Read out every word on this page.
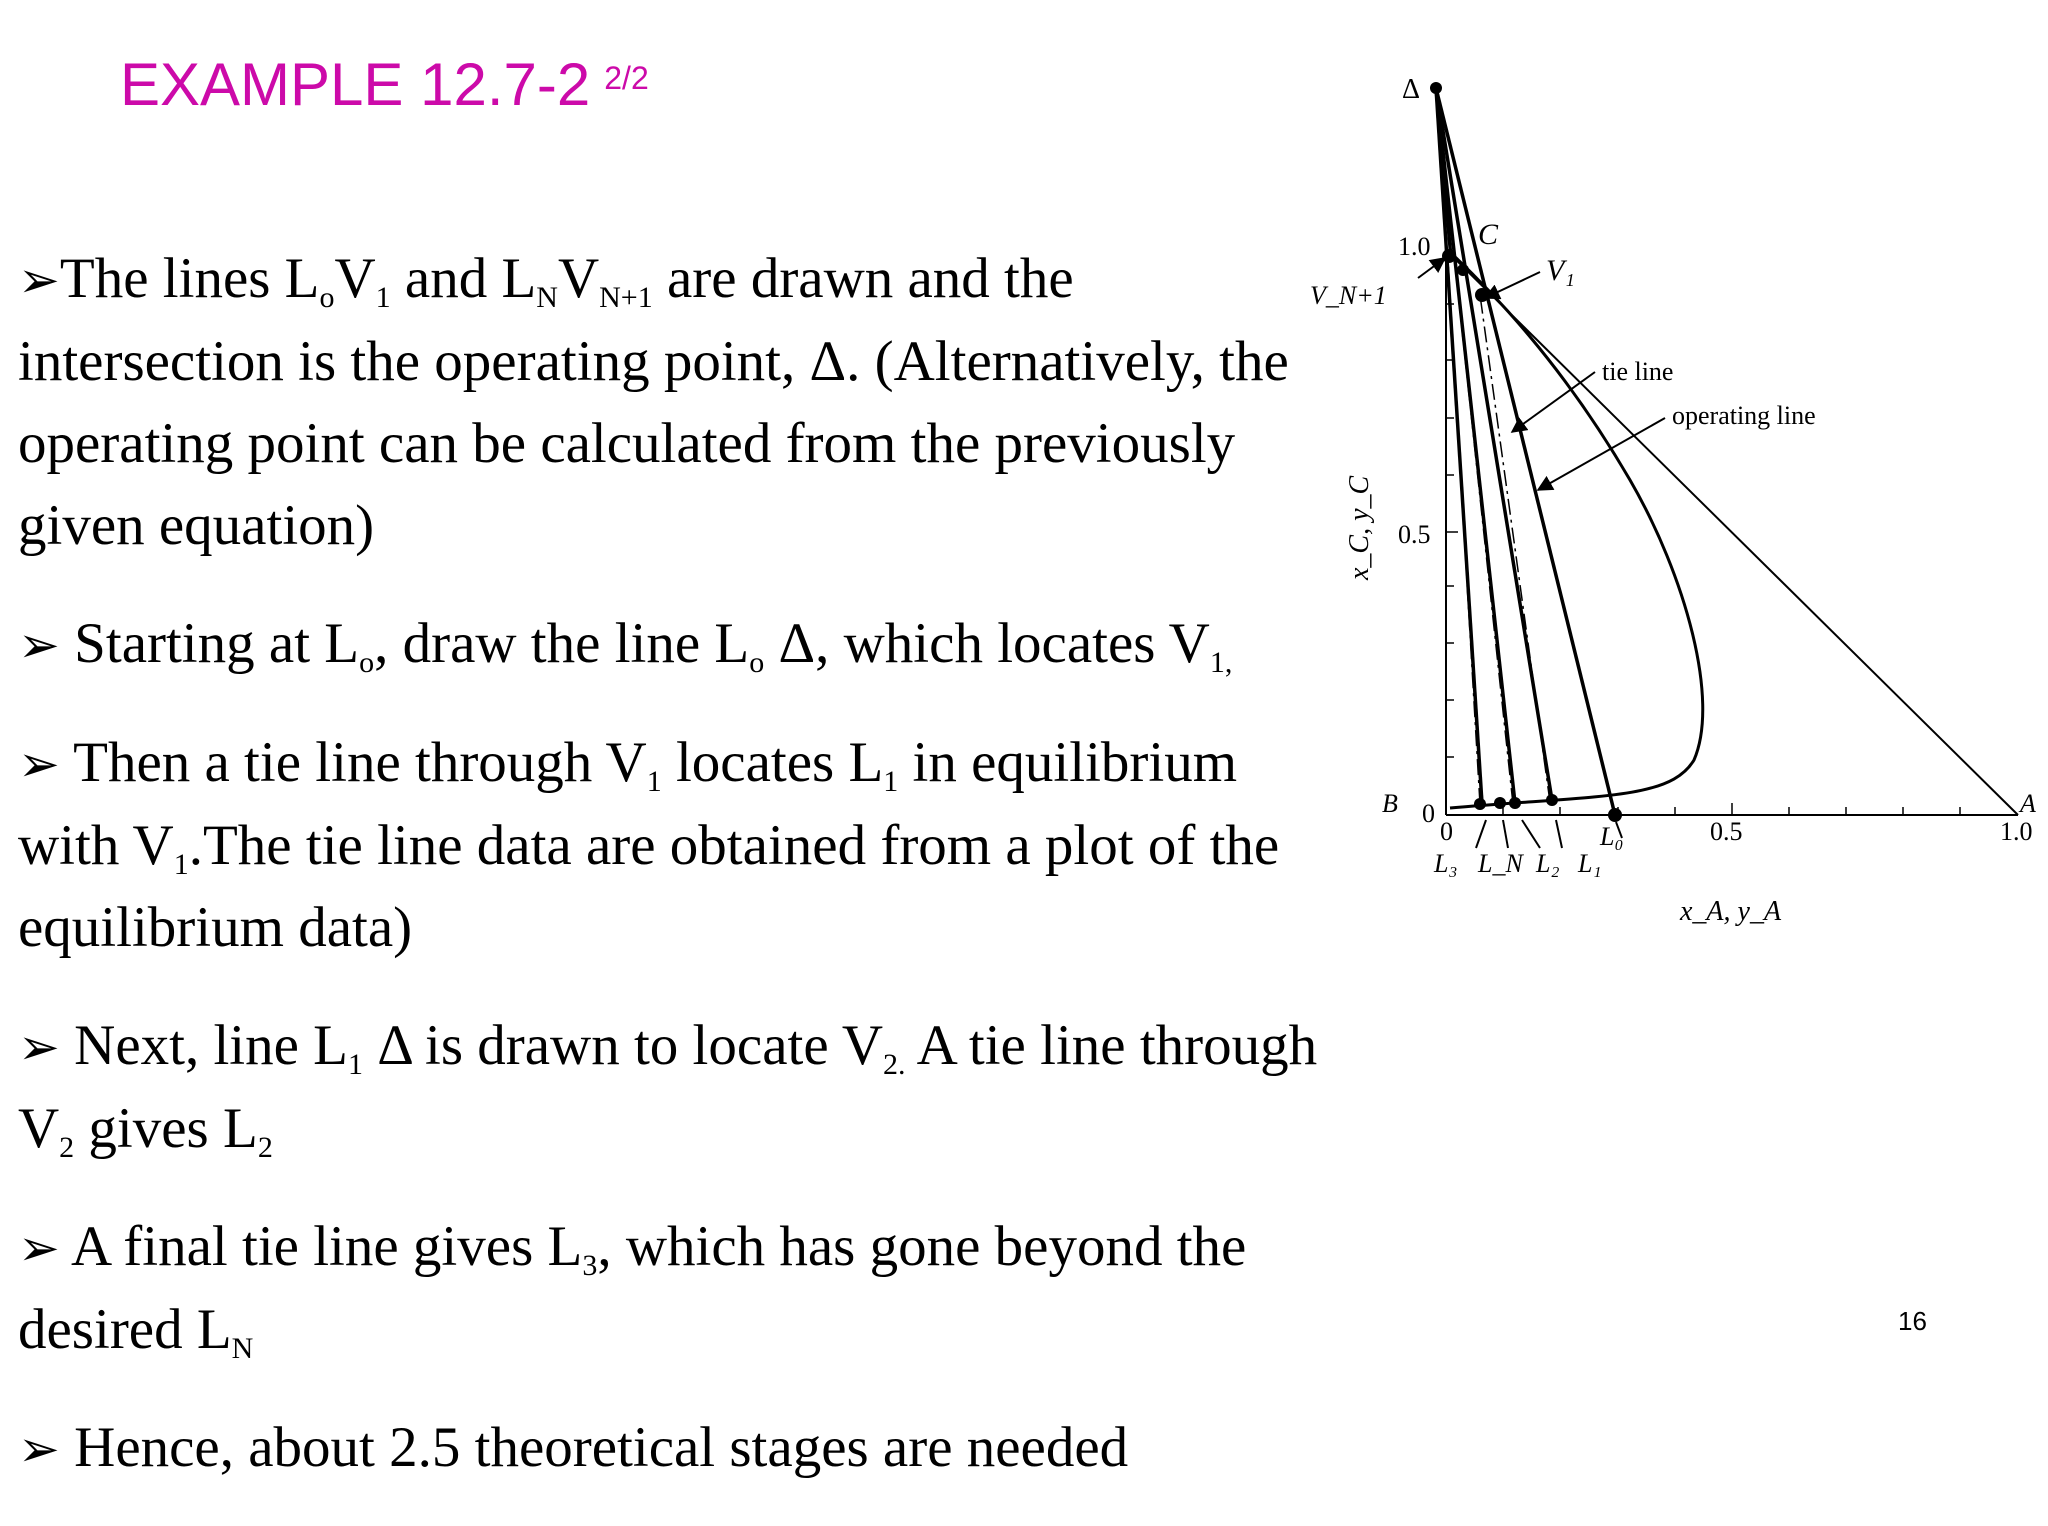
EXAMPLE 12.7-2 $^{2/2}$

➢The lines $L_oV_1$ and $L_NV_{N+1}$ are drawn and the intersection is the operating point, Δ. (Alternatively, the operating point can be calculated from the previously given equation)

➢ Starting at $L_o$, draw the line $L_o$ Δ, which locates $V_{1,}$

➢ Then a tie line through $V_1$ locates $L_1$ in equilibrium with $V_1.The$ tie line data are obtained from a plot of the equilibrium data)

➢ Next, line $L_1$ Δ is drawn to locate $V_{2.}$ A tie line through $V_2$ gives $L_2$

➢ A final tie line gives $L_3$, which has gone beyond the desired $L_N$

➢ Hence, about 2.5 theoretical stages are needed

Δ
C
V₁
V_N+1
tie line
operating line
1.0
0.5
0
B	A
0	0.5	1.0
L₀
L₃ L_N L₂ L₁
x_A, y_A
x_C, y_C
16
